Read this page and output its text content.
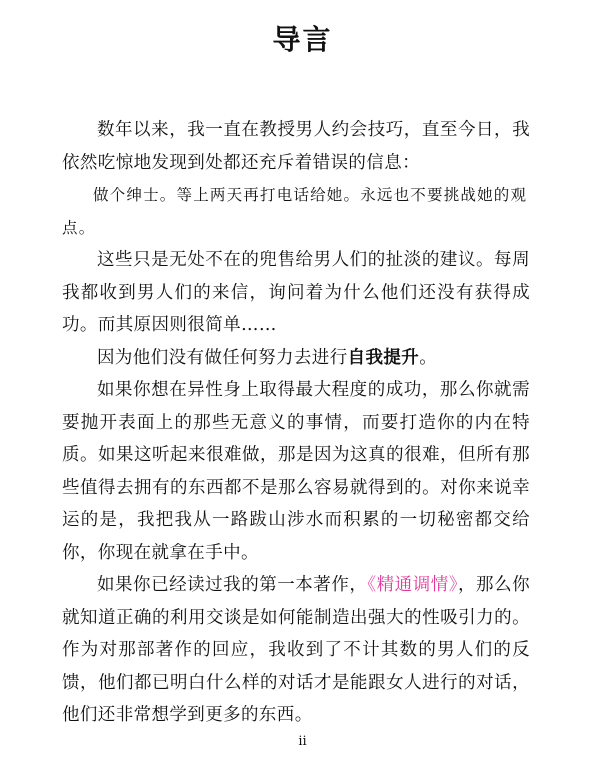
导言

数年以来，我一直在教授男人约会技巧，直至今日，我依然吃惊地发现到处都还充斥着错误的信息：

做个绅士。等上两天再打电话给她。永远也不要挑战她的观点。

这些只是无处不在的兜售给男人们的扯淡的建议。每周我都收到男人们的来信，询问着为什么他们还没有获得成功。而其原因则很简单……

因为他们没有做任何努力去进行自我提升。

如果你想在异性身上取得最大程度的成功，那么你就需要抛开表面上的那些无意义的事情，而要打造你的内在特质。如果这听起来很难做，那是因为这真的很难，但所有那些值得去拥有的东西都不是那么容易就得到的。对你来说幸运的是，我把我从一路跋山涉水而积累的一切秘密都交给你，你现在就拿在手中。

如果你已经读过我的第一本著作，《精通调情》，那么你就知道正确的利用交谈是如何能制造出强大的性吸引力的。作为对那部著作的回应，我收到了不计其数的男人们的反馈，他们都已明白什么样的对话才是能跟女人进行的对话，他们还非常想学到更多的东西。

ii
